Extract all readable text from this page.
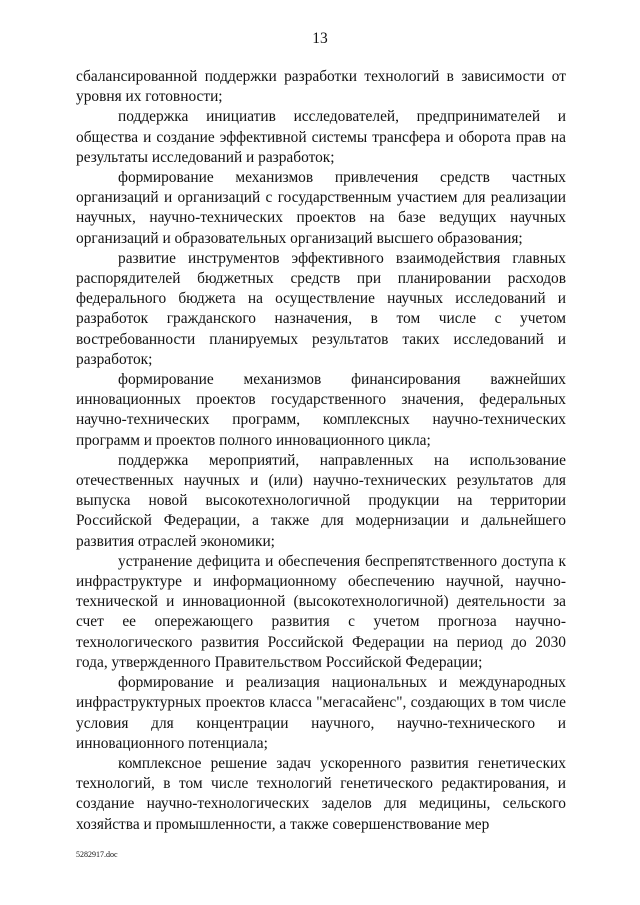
13

сбалансированной поддержки разработки технологий в зависимости от уровня их готовности;

поддержка инициатив исследователей, предпринимателей и общества и создание эффективной системы трансфера и оборота прав на результаты исследований и разработок;

формирование механизмов привлечения средств частных организаций и организаций с государственным участием для реализации научных, научно-технических проектов на базе ведущих научных организаций и образовательных организаций высшего образования;

развитие инструментов эффективного взаимодействия главных распорядителей бюджетных средств при планировании расходов федерального бюджета на осуществление научных исследований и разработок гражданского назначения, в том числе с учетом востребованности планируемых результатов таких исследований и разработок;

формирование механизмов финансирования важнейших инновационных проектов государственного значения, федеральных научно-технических программ, комплексных научно-технических программ и проектов полного инновационного цикла;

поддержка мероприятий, направленных на использование отечественных научных и (или) научно-технических результатов для выпуска новой высокотехнологичной продукции на территории Российской Федерации, а также для модернизации и дальнейшего развития отраслей экономики;

устранение дефицита и обеспечения беспрепятственного доступа к инфраструктуре и информационному обеспечению научной, научно-технической и инновационной (высокотехнологичной) деятельности за счет ее опережающего развития с учетом прогноза научно-технологического развития Российской Федерации на период до 2030 года, утвержденного Правительством Российской Федерации;

формирование и реализация национальных и международных инфраструктурных проектов класса "мегасайенс", создающих в том числе условия для концентрации научного, научно-технического и инновационного потенциала;

комплексное решение задач ускоренного развития генетических технологий, в том числе технологий генетического редактирования, и создание научно-технологических заделов для медицины, сельского хозяйства и промышленности, а также совершенствование мер

5282917.doc
